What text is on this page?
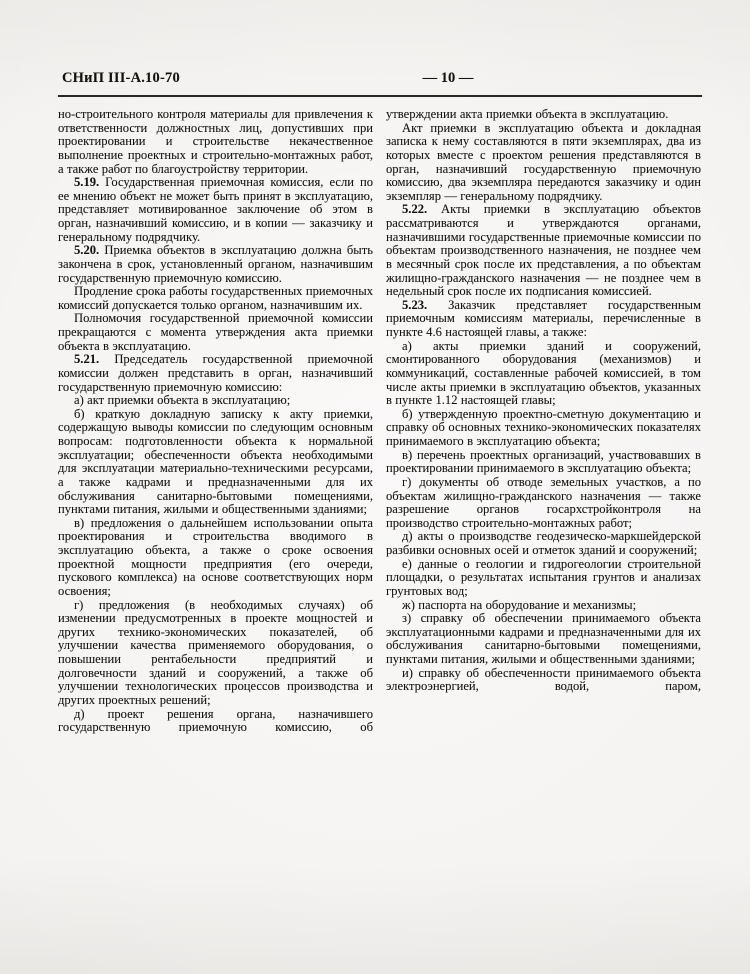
СНиП III-А.10-70	— 10 —

но-строительного контроля материалы для привлечения к ответственности должностных лиц, допустивших при проектировании и строительстве некачественное выполнение проектных и строительно-монтажных работ, а также работ по благоустройству территории.

5.19. Государственная приемочная комиссия, если по ее мнению объект не может быть принят в эксплуатацию, представляет мотивированное заключение об этом в орган, назначивший комиссию, и в копии — заказчику и генеральному подрядчику.

5.20. Приемка объектов в эксплуатацию должна быть закончена в срок, установленный органом, назначившим государственную приемочную комиссию.

Продление срока работы государственных приемочных комиссий допускается только органом, назначившим их.

Полномочия государственной приемочной комиссии прекращаются с момента утверждения акта приемки объекта в эксплуатацию.

5.21. Председатель государственной приемочной комиссии должен представить в орган, назначивший государственную приемочную комиссию:

а) акт приемки объекта в эксплуатацию;

б) краткую докладную записку к акту приемки, содержащую выводы комиссии по следующим основным вопросам: подготовленности объекта к нормальной эксплуатации; обеспеченности объекта необходимыми для эксплуатации материально-техническими ресурсами, а также кадрами и предназначенными для их обслуживания санитарно-бытовыми помещениями, пунктами питания, жилыми и общественными зданиями;

в) предложения о дальнейшем использовании опыта проектирования и строительства вводимого в эксплуатацию объекта, а также о сроке освоения проектной мощности предприятия (его очереди, пускового комплекса) на основе соответствующих норм освоения;

г) предложения (в необходимых случаях) об изменении предусмотренных в проекте мощностей и других технико-экономических показателей, об улучшении качества применяемого оборудования, о повышении рентабельности предприятий и долговечности зданий и сооружений, а также об улучшении технологических процессов производства и других проектных решений;

д) проект решения органа, назначившего государственную приемочную комиссию, об

утверждении акта приемки объекта в эксплуатацию.

Акт приемки в эксплуатацию объекта и докладная записка к нему составляются в пяти экземплярах, два из которых вместе с проектом решения представляются в орган, назначивший государственную приемочную комиссию, два экземпляра передаются заказчику и один экземпляр — генеральному подрядчику.

5.22. Акты приемки в эксплуатацию объектов рассматриваются и утверждаются органами, назначившими государственные приемочные комиссии по объектам производственного назначения, не позднее чем в месячный срок после их представления, а по объектам жилищно-гражданского назначения — не позднее чем в недельный срок после их подписания комиссией.

5.23. Заказчик представляет государственным приемочным комиссиям материалы, перечисленные в пункте 4.6 настоящей главы, а также:

а) акты приемки зданий и сооружений, смонтированного оборудования (механизмов) и коммуникаций, составленные рабочей комиссией, в том числе акты приемки в эксплуатацию объектов, указанных в пункте 1.12 настоящей главы;

б) утвержденную проектно-сметную документацию и справку об основных технико-экономических показателях принимаемого в эксплуатацию объекта;

в) перечень проектных организаций, участвовавших в проектировании принимаемого в эксплуатацию объекта;

г) документы об отводе земельных участков, а по объектам жилищно-гражданского назначения — также разрешение органов госархстройконтроля на производство строительно-монтажных работ;

д) акты о производстве геодезическо-маркшейдерской разбивки основных осей и отметок зданий и сооружений;

е) данные о геологии и гидрогеологии строительной площадки, о результатах испытания грунтов и анализах грунтовых вод;

ж) паспорта на оборудование и механизмы;

з) справку об обеспечении принимаемого объекта эксплуатационными кадрами и предназначенными для их обслуживания санитарно-бытовыми помещениями, пунктами питания, жилыми и общественными зданиями;

и) справку об обеспеченности принимаемого объекта электроэнергией, водой, паром,
